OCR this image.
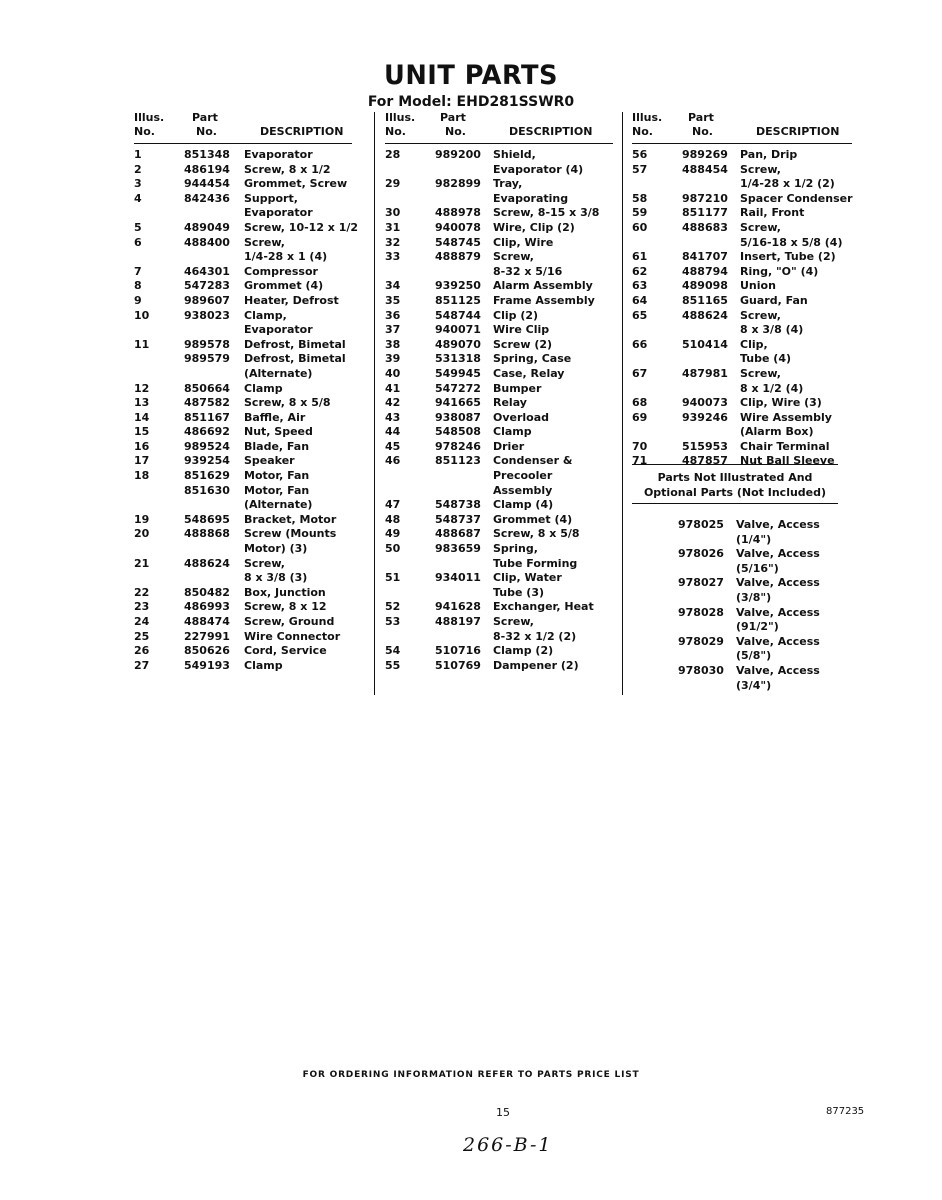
UNIT PARTS
For Model: EHD281SSWR0
Illus.
No.
Part
No.	DESCRIPTION
1	851348 Evaporator
2	486194 Screw, 8 x 1/2
3	944454 Grommet, Screw
4	842436 Support,
Evaporator
5	489049 Screw, 10-12 x 1/2
6	488400 Screw,
1/4-28 x 1 (4)
7	464301 Compressor
8	547283 Grommet (4)
9	989607 Heater, Defrost
10	938023 Clamp,
Evaporator
11	989578 Defrost, Bimetal
989579 Defrost, Bimetal
(Alternate)
12	850664 Clamp
13	487582 Screw, 8 x 5/8
14	851167 Baffle, Air
15	486692 Nut, Speed
16	989524 Blade, Fan
17	939254 Speaker
18	851629 Motor, Fan
851630 Motor, Fan
(Alternate)
19	548695 Bracket, Motor
20	488868 Screw (Mounts
Motor) (3)
21	488624 Screw,
8 x 3/8 (3)
22	850482 Box, Junction
23	486993 Screw, 8 x 12
24	488474 Screw, Ground
25	227991 Wire Connector
26	850626 Cord, Service
27	549193 Clamp
Illus.
No.
Part
No.	DESCRIPTION
28	989200 Shield,
Evaporator (4)
29	982899 Tray,
Evaporating
30	488978 Screw, 8-15 x 3/8
31	940078 Wire, Clip (2)
32	548745 Clip, Wire
33	488879 Screw,
8-32 x 5/16
34	939250 Alarm Assembly
35	851125 Frame Assembly
36	548744 Clip (2)
37	940071 Wire Clip
38	489070 Screw (2)
39	531318 Spring, Case
40	549945 Case, Relay
41	547272 Bumper
42	941665 Relay
43	938087 Overload
44	548508 Clamp
45	978246 Drier
46	851123 Condenser &
Precooler
Assembly
47	548738 Clamp (4)
48	548737 Grommet (4)
49	488687 Screw, 8 x 5/8
50	983659 Spring,
Tube Forming
51	934011 Clip, Water
Tube (3)
52	941628 Exchanger, Heat
53	488197 Screw,
8-32 x 1/2 (2)
54	510716 Clamp (2)
55	510769 Dampener (2)
Illus.
No.
Part
No.	DESCRIPTION
56	989269 Pan, Drip
57	488454 Screw,
1/4-28 x 1/2 (2)
58	987210 Spacer Condenser
59	851177 Rail, Front
60	488683 Screw,
5/16-18 x 5/8 (4)
61	841707 Insert, Tube (2)
62	488794 Ring, "O" (4)
63	489098 Union
64	851165 Guard, Fan
65	488624 Screw,
8 x 3/8 (4)
66	510414 Clip,
Tube (4)
67	487981 Screw,
8 x 1/2 (4)
68	940073 Clip, Wire (3)
69	939246 Wire Assembly
(Alarm Box)
70	515953 Chair Terminal
71	487857 Nut Ball Sleeve
Parts Not Illustrated And
Optional Parts (Not Included)
978025 Valve, Access
(1/4")
978026 Valve, Access
(5/16")
978027 Valve, Access
(3/8")
978028 Valve, Access
(91/2")
978029 Valve, Access
(5/8")
978030 Valve, Access
(3/4")
FOR ORDERING INFORMATION REFER TO PARTS PRICE LIST
15	877235
266-B-1
